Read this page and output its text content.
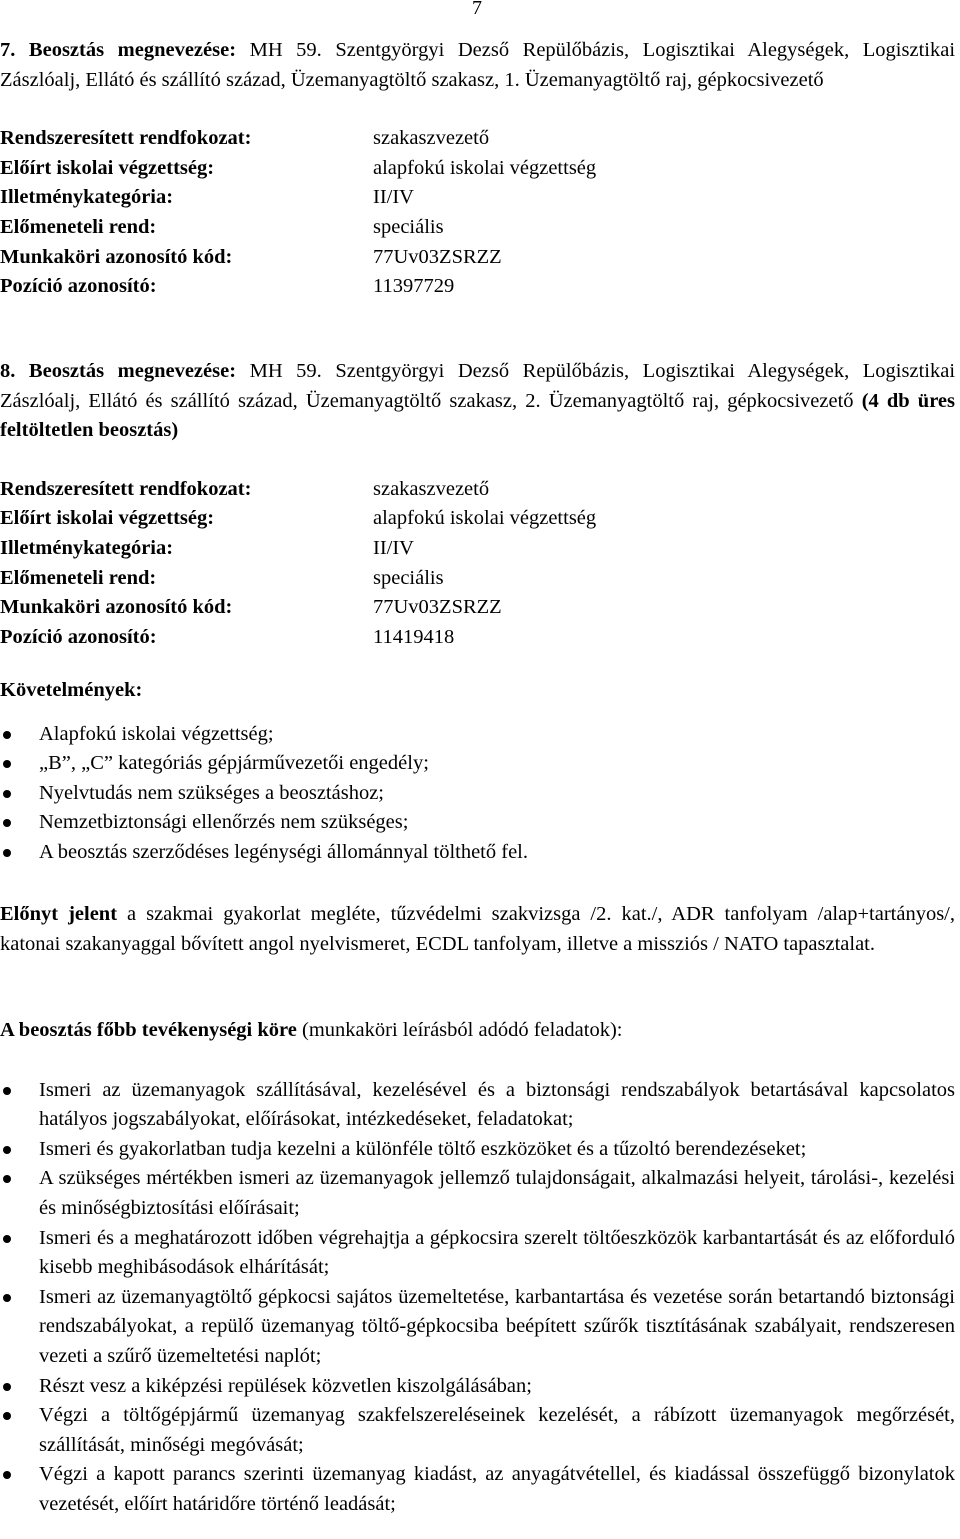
7
7. Beosztás megnevezése: MH 59. Szentgyörgyi Dezső Repülőbázis, Logisztikai Alegységek, Logisztikai Zászlóalj, Ellátó és szállító század, Üzemanyagtöltő szakasz, 1. Üzemanyagtöltő raj, gépkocsivezető
Rendszeresített rendfokozat:	szakaszvezető
Előírt iskolai végzettség:	alapfokú iskolai végzettség
Illetménykategória:	II/IV
Előmeneteli rend:	speciális
Munkaköri azonosító kód:	77Uv03ZSRZZ
Pozíció azonosító:	11397729
8. Beosztás megnevezése: MH 59. Szentgyörgyi Dezső Repülőbázis, Logisztikai Alegységek, Logisztikai Zászlóalj, Ellátó és szállító század, Üzemanyagtöltő szakasz, 2. Üzemanyagtöltő raj, gépkocsivezető (4 db üres feltöltetlen beosztás)
Rendszeresített rendfokozat:	szakaszvezető
Előírt iskolai végzettség:	alapfokú iskolai végzettség
Illetménykategória:	II/IV
Előmeneteli rend:	speciális
Munkaköri azonosító kód:	77Uv03ZSRZZ
Pozíció azonosító:	11419418
Követelmények:
Alapfokú iskolai végzettség;
„B”, „C” kategóriás gépjárművezetői engedély;
Nyelvtudás nem szükséges a beosztáshoz;
Nemzetbiztonsági ellenőrzés nem szükséges;
A beosztás szerződéses legénységi állománnyal tölthető fel.
Előnyt jelent a szakmai gyakorlat megléte, tűzvédelmi szakvizsga /2. kat./, ADR tanfolyam /alap+tartányos/, katonai szakanyaggal bővített angol nyelvismeret, ECDL tanfolyam, illetve a missziós / NATO tapasztalat.
A beosztás főbb tevékenységi köre (munkaköri leírásból adódó feladatok):
Ismeri az üzemanyagok szállításával, kezelésével és a biztonsági rendszabályok betartásával kapcsolatos hatályos jogszabályokat, előírásokat, intézkedéseket, feladatokat;
Ismeri és gyakorlatban tudja kezelni a különféle töltő eszközöket és a tűzoltó berendezéseket;
A szükséges mértékben ismeri az üzemanyagok jellemző tulajdonságait, alkalmazási helyeit, tárolási-, kezelési és minőségbiztosítási előírásait;
Ismeri és a meghatározott időben végrehajtja a gépkocsira szerelt töltőeszközök karbantartását és az előforduló kisebb meghibásodások elhárítását;
Ismeri az üzemanyagtöltő gépkocsi sajátos üzemeltetése, karbantartása és vezetése során betartandó biztonsági rendszabályokat, a repülő üzemanyag töltő-gépkocsiba beépített szűrők tisztításának szabályait, rendszeresen vezeti a szűrő üzemeltetési naplót;
Részt vesz a kiképzési repülések közvetlen kiszolgálásában;
Végzi a töltőgépjármű üzemanyag szakfelszereléseinek kezelését, a rábízott üzemanyagok megőrzését, szállítását, minőségi megóvását;
Végzi a kapott parancs szerinti üzemanyag kiadást, az anyagátvétellel, és kiadással összefüggő bizonylatok vezetését, előírt határidőre történő leadását;
